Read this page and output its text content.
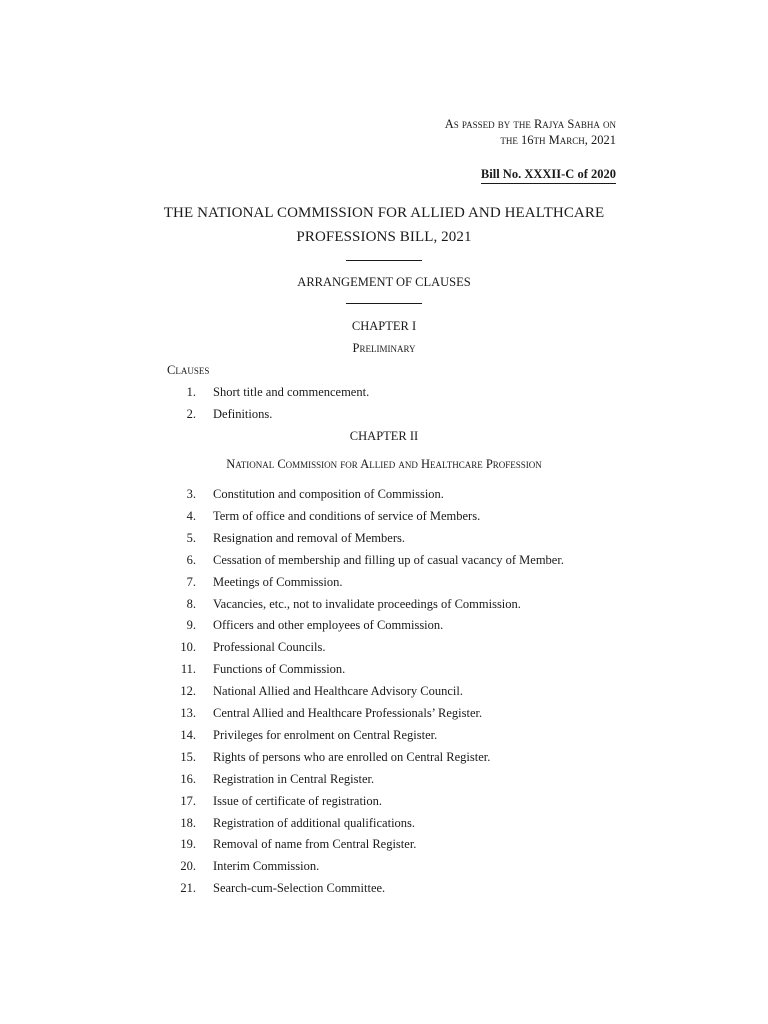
As passed by the Rajya Sabha on
the 16th March, 2021
Bill No. XXXII-C of 2020
THE NATIONAL COMMISSION FOR ALLIED AND HEALTHCARE
PROFESSIONS BILL, 2021
ARRANGEMENT OF CLAUSES
CHAPTER I
Preliminary
Clauses
1. Short title and commencement.
2. Definitions.
CHAPTER II
National Commission for Allied and Healthcare Profession
3. Constitution and composition of Commission.
4. Term of office and conditions of service of Members.
5. Resignation and removal of Members.
6. Cessation of membership and filling up of casual vacancy of Member.
7. Meetings of Commission.
8. Vacancies, etc., not to invalidate proceedings of Commission.
9. Officers and other employees of Commission.
10. Professional Councils.
11. Functions of Commission.
12. National Allied and Healthcare Advisory Council.
13. Central Allied and Healthcare Professionals’ Register.
14. Privileges for enrolment on Central Register.
15. Rights of persons who are enrolled on Central Register.
16. Registration in Central Register.
17. Issue of certificate of registration.
18. Registration of additional qualifications.
19. Removal of name from Central Register.
20. Interim Commission.
21. Search-cum-Selection Committee.
